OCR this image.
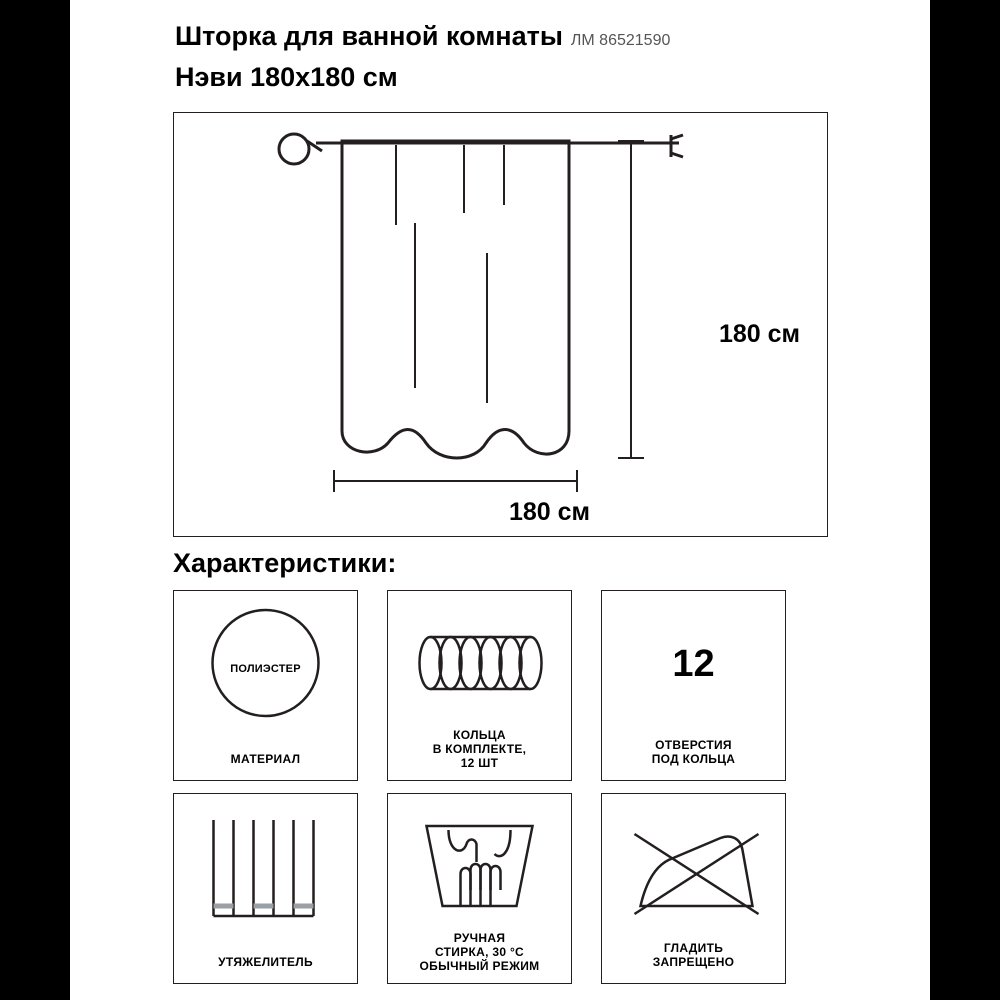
Шторка для ванной комнаты ЛМ 86521590
Нэви 180х180 см
180 см
180 см
Характеристики:
ПОЛИЭСТЕР
МАТЕРИАЛ
КОЛЬЦА
В КОМПЛЕКТЕ,
12 ШТ
12
ОТВЕРСТИЯ
ПОД КОЛЬЦА
УТЯЖЕЛИТЕЛЬ
РУЧНАЯ
СТИРКА, 30 °C
ОБЫЧНЫЙ РЕЖИМ
ГЛАДИТЬ
ЗАПРЕЩЕНО
